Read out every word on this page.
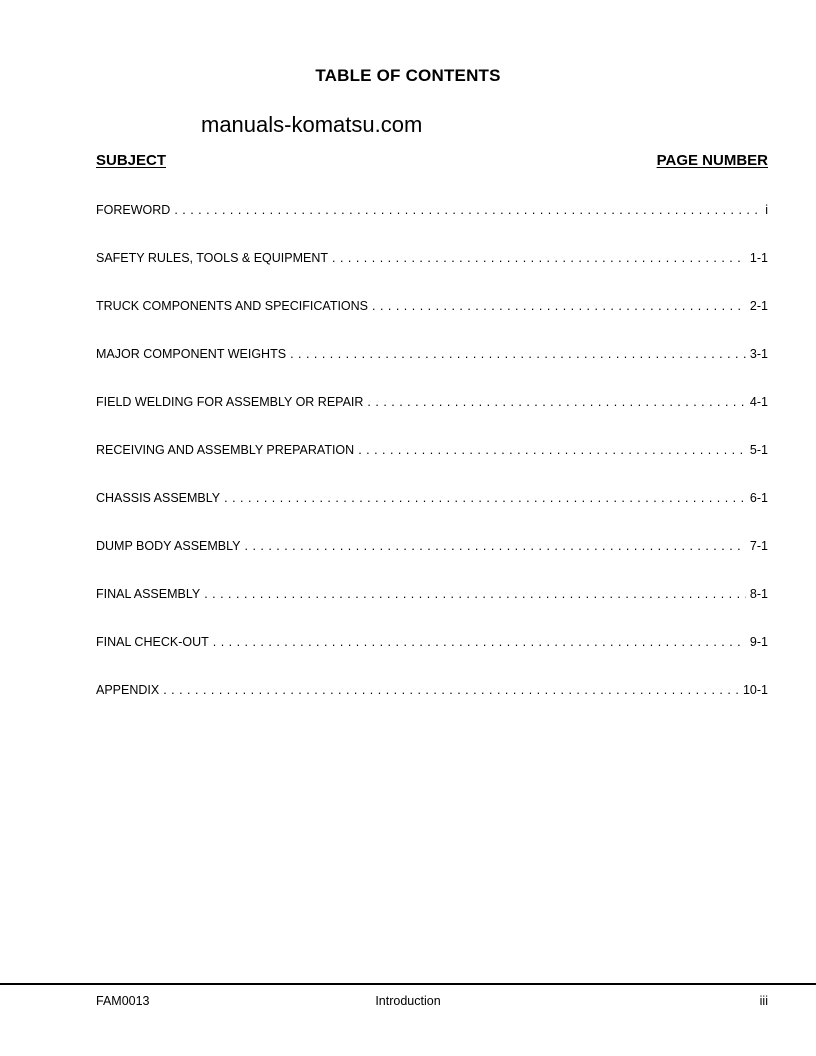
TABLE OF CONTENTS
manuals-komatsu.com
SUBJECT	PAGE NUMBER
FOREWORD . . .	i
SAFETY RULES, TOOLS & EQUIPMENT . . .	1-1
TRUCK COMPONENTS AND SPECIFICATIONS . . .	2-1
MAJOR COMPONENT WEIGHTS . . .	3-1
FIELD WELDING FOR ASSEMBLY OR REPAIR . . .	4-1
RECEIVING AND ASSEMBLY PREPARATION . . .	5-1
CHASSIS ASSEMBLY . . .	6-1
DUMP BODY ASSEMBLY . . .	7-1
FINAL ASSEMBLY . . .	8-1
FINAL CHECK-OUT . . .	9-1
APPENDIX . . .	10-1
FAM0013	Introduction	iii
